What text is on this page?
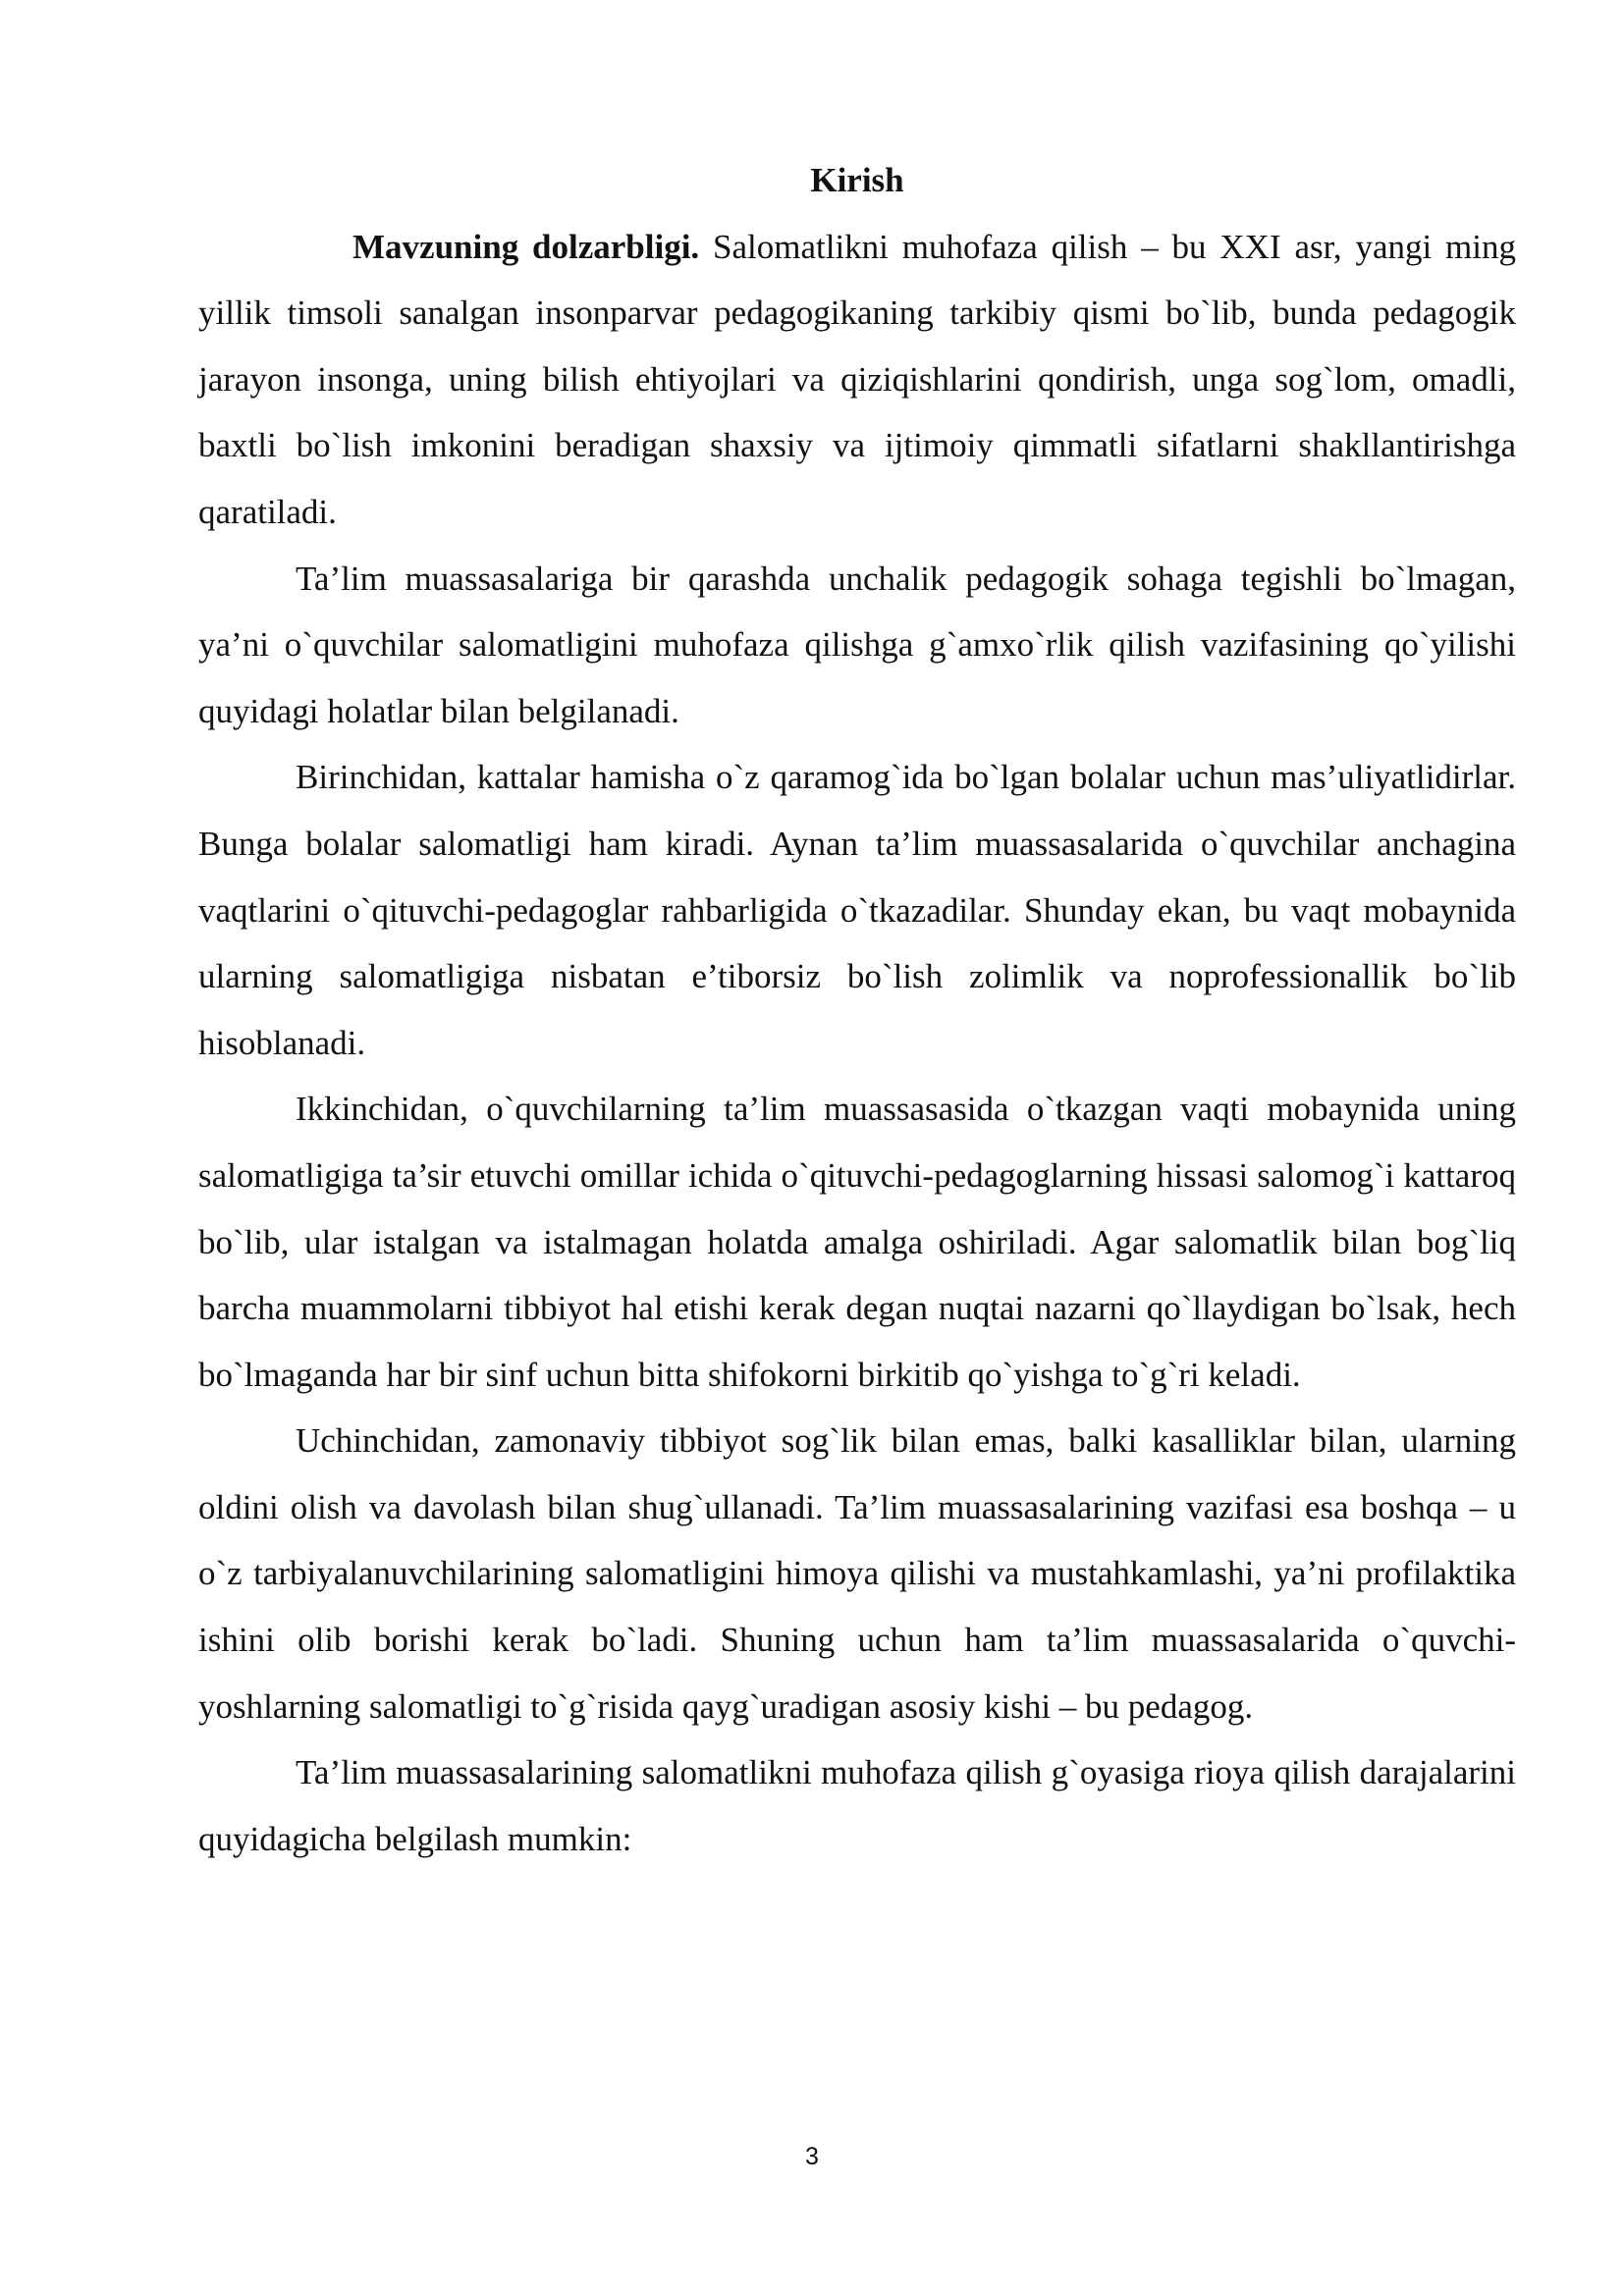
Kirish

Mavzuning dolzarbligi. Salomatlikni muhofaza qilish – bu XXI asr, yangi ming yillik timsoli sanalgan insonparvar pedagogikaning tarkibiy qismi bo`lib, bunda pedagogik jarayon insonga, uning bilish ehtiyojlari va qiziqishlarini qondirish, unga sog`lom, omadli, baxtli bo`lish imkonini beradigan shaxsiy va ijtimoiy qimmatli sifatlarni shakllantirishga qaratiladi.

Ta’lim muassasalariga bir qarashda unchalik pedagogik sohaga tegishli bo`lmagan, ya’ni o`quvchilar salomatligini muhofaza qilishga g`amxo`rlik qilish vazifasining qo`yilishi quyidagi holatlar bilan belgilanadi.

Birinchidan, kattalar hamisha o`z qaramog`ida bo`lgan bolalar uchun mas’uliyatlidirlar. Bunga bolalar salomatligi ham kiradi. Aynan ta’lim muassasalarida o`quvchilar anchagina vaqtlarini o`qituvchi-pedagoglar rahbarligida o`tkazadilar. Shunday ekan, bu vaqt mobaynida ularning salomatligiga nisbatan e’tiborsiz bo`lish zolimlik va noprofessionallik bo`lib hisoblanadi.

Ikkinchidan, o`quvchilarning ta’lim muassasasida o`tkazgan vaqti mobaynida uning salomatligiga ta’sir etuvchi omillar ichida o`qituvchi-pedagoglarning hissasi salomog`i kattaroq bo`lib, ular istalgan va istalmagan holatda amalga oshiriladi. Agar salomatlik bilan bog`liq barcha muammolarni tibbiyot hal etishi kerak degan nuqtai nazarni qo`llaydigan bo`lsak, hech bo`lmaganda har bir sinf uchun bitta shifokorni birkitib qo`yishga to`g`ri keladi.

Uchinchidan, zamonaviy tibbiyot sog`lik bilan emas, balki kasalliklar bilan, ularning oldini olish va davolash bilan shug`ullanadi. Ta’lim muassasalarining vazifasi esa boshqa – u o`z tarbiyalanuvchilarining salomatligini himoya qilishi va mustahkamlashi, ya’ni profilaktika ishini olib borishi kerak bo`ladi. Shuning uchun ham ta’lim muassasalarida o`quvchi-yoshlarning salomatligi to`g`risida qayg`uradigan asosiy kishi – bu pedagog.

Ta’lim muassasalarining salomatlikni muhofaza qilish g`oyasiga rioya qilish darajalarini quyidagicha belgilash mumkin:

3
